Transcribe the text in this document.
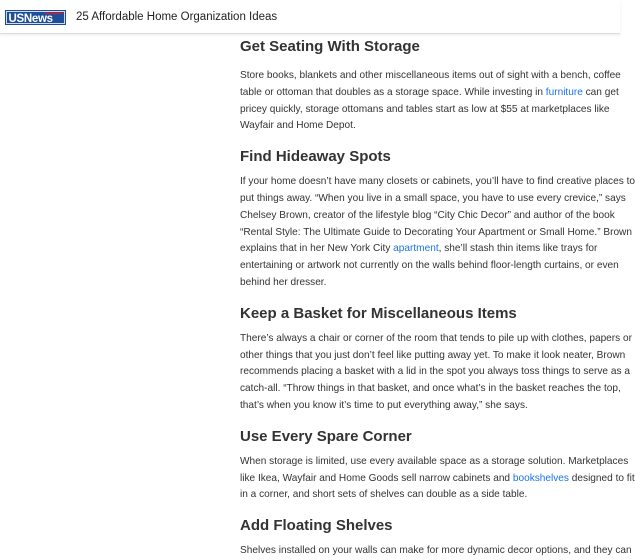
USNews 25 Affordable Home Organization Ideas
Get Seating With Storage

Store books, blankets and other miscellaneous items out of sight with a bench, coffee
table or ottoman that doubles as a storage space. While investing in furniture can get
pricey quickly, storage ottomans and tables start as low at $55 at marketplaces like
Wayfair and Home Depot.

Find Hideaway Spots

If your home doesn’t have many closets or cabinets, you’ll have to find creative places to
put things away. “When you live in a small space, you have to use every crevice,” says
Chelsey Brown, creator of the lifestyle blog “City Chic Decor” and author of the book
“Rental Style: The Ultimate Guide to Decorating Your Apartment or Small Home.” Brown
explains that in her New York City apartment, she’ll stash thin items like trays for
entertaining or artwork not currently on the walls behind floor-length curtains, or even
behind her dresser.

Keep a Basket for Miscellaneous Items

There’s always a chair or corner of the room that tends to pile up with clothes, papers or
other things that you just don’t feel like putting away yet. To make it look neater, Brown
recommends placing a basket with a lid in the spot you always toss things to serve as a
catch-all. “Throw things in that basket, and once what’s in the basket reaches the top,
that’s when you know it’s time to put everything away,” she says.

Use Every Spare Corner

When storage is limited, use every available space as a storage solution. Marketplaces
like Ikea, Wayfair and Home Goods sell narrow cabinets and bookshelves designed to fit
in a corner, and short sets of shelves can double as a side table.

Add Floating Shelves

Shelves installed on your walls can make for more dynamic decor options, and they can
